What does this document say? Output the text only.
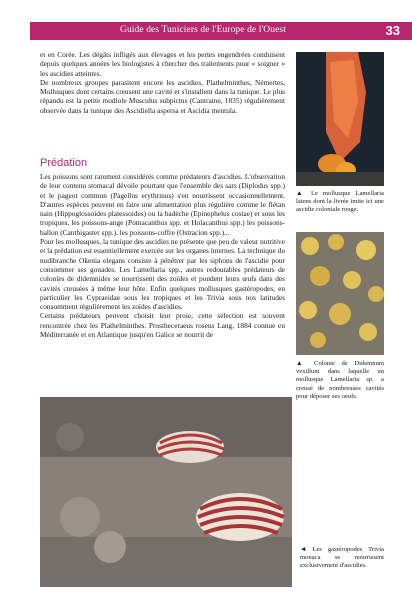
Guide des Tuniciers de l'Europe de l'Ouest	33

et en Corée. Les dégâts infligés aux élevages et les pertes engendrées conduisent depuis quelques années les biologistes à chercher des traitements pour « soigner » les ascidies atteintes.

De nombreux groupes parasitent encore les ascidies, Plathelminthes, Némertes, Mollusques dont certains creusent une cavité et s'installent dans la tunique. Le plus répandu est la petite modiole Musculus subpictus (Cantraine, 1835) régulièrement observée dans la tunique des Ascidiella aspersa et Ascidia mentula.

Prédation

Les poissons sont rarement considérés comme prédateurs d'ascidies. L'observation de leur contenu stomacal dévoile pourtant que l'ensemble des sars (Diplodus spp.) et le pageot commun (Pagellus erythrinus) s'en nourrissent occasionnellement. D'autres espèces peuvent en faire une alimentation plus régulière comme le flétan nain (Hippoglossoides platessoides) ou la badèche (Epinephelus costae) et sous les tropiques, les poissons-ange (Pomacanthus spp. et Holacanthus spp.) les poissons-ballon (Canthigaster spp.), les poissons-coffre (Ostracion spp.)...

Pour les mollusques, la tunique des ascidies ne présente que peu de valeur nutritive et la prédation est essentiellement exercée sur les organes internes. La technique du nudibranche Okenia elegans consiste à pénétrer par les siphons de l'ascidie pour consommer ses gonades. Les Lamellaria spp., autres redoutables prédateurs de colonies de didemnides se nourrissent des zoïdes et pondent leurs œufs dans des cavités creusées à même leur hôte. Enfin quelques mollusques gastéropodes, en particulier les Cypraeidae sous les tropiques et les Trivia sous nos latitudes consomment régulièrement les zoïdes d'ascidies.

Certains prédateurs peuvent choisir leur proie, cette sélection est souvent rencontrée chez les Plathelminthes. Prostheceraeus roseus Lang, 1884 connue en Méditerranée et en Atlantique jusqu'en Galice se nourrit de

▲ Le mollusque Lamellaria latens dont la livrée imite ici une ascidie coloniale rouge.
▲ Colonie de Didemnum vexillum dans laquelle un mollusque Lamellaria sp. a creusé de nombreuses cavités pour déposer ses oeufs.
◄ Les gastéropodes Trivia monaca se nourrissent exclusivement d'ascidies.
